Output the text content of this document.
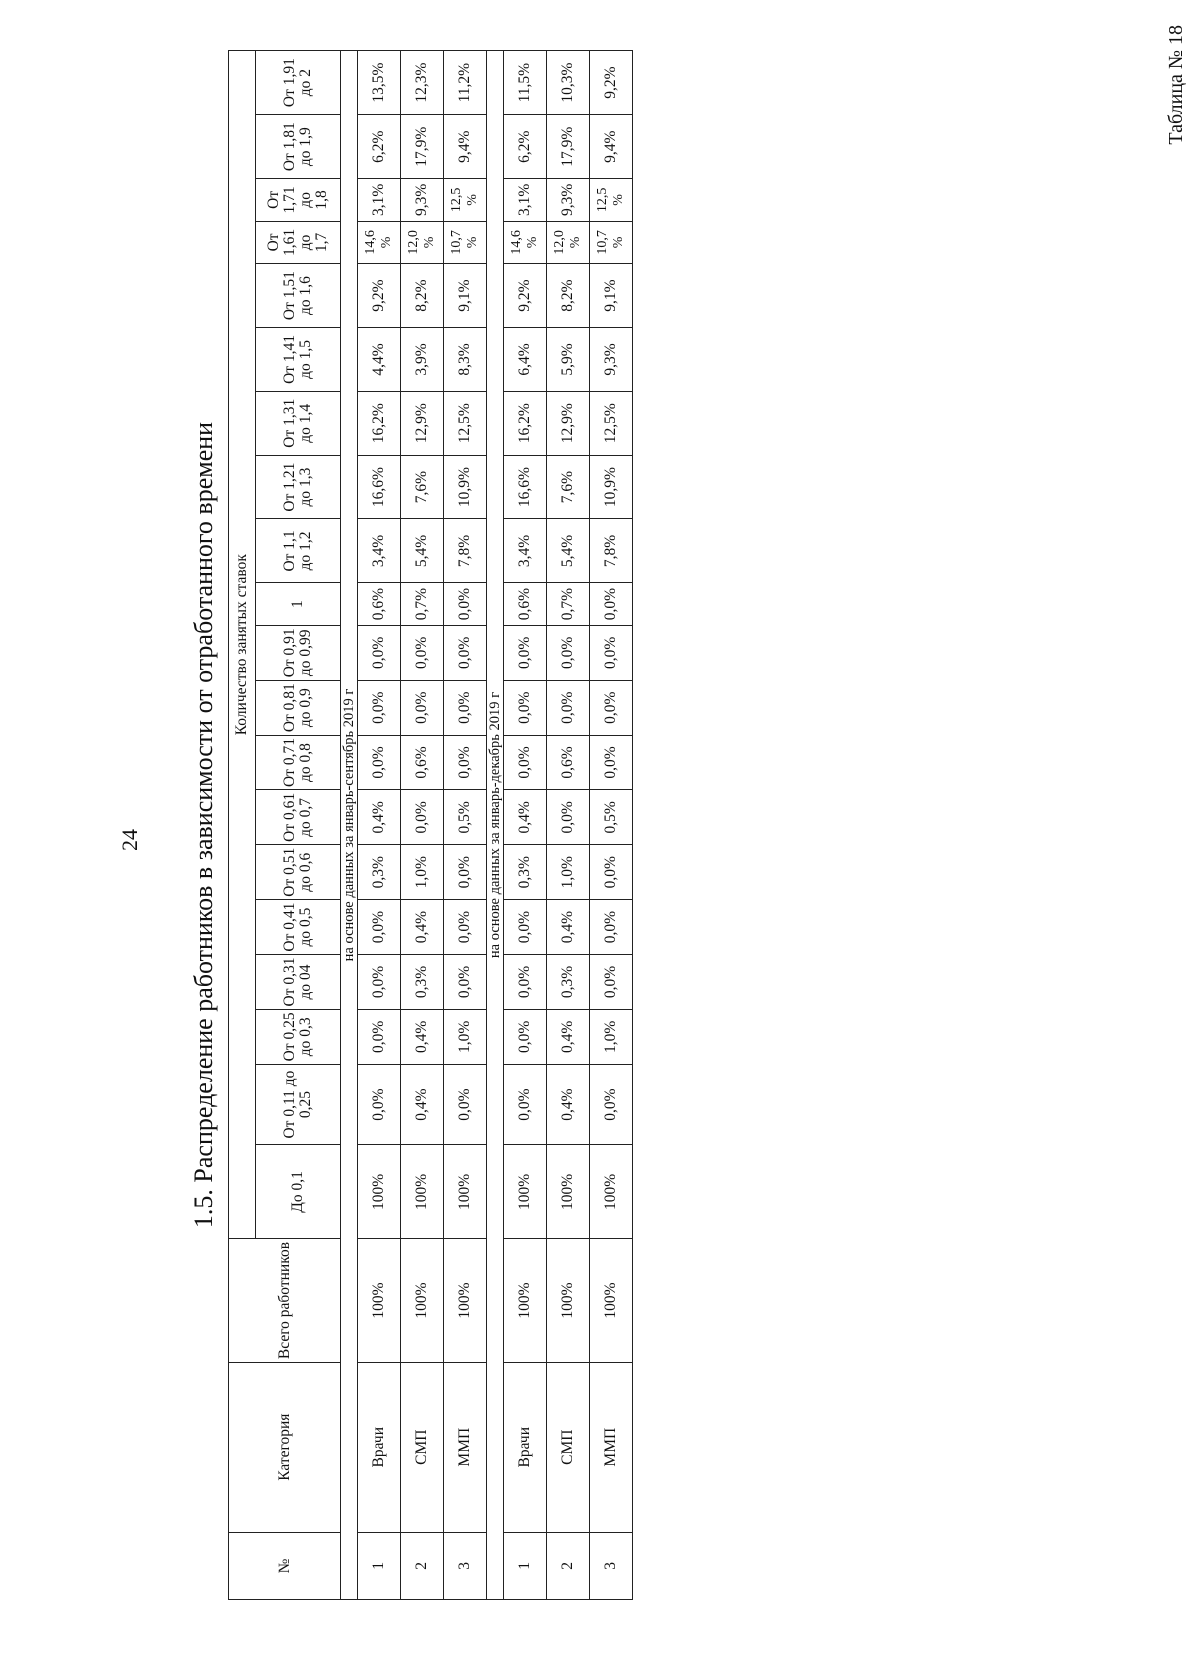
24
Таблица № 18
1.5. Распределение работников в зависимости от отработанного времени
№	Категория	Всего работников	Количество занятых ставок																			
			До 0,1	От 0,11 до 0,25	От 0,25 до 0,3	От 0,31 до 04	От 0,41 до 0,5	От 0,51 до 0,6	От 0,61 до 0,7	От 0,71 до 0,8	От 0,81 до 0,9	От 0,91 до 0,99	1	От 1,1 до 1,2	От 1,21 до 1,3	От 1,31 до 1,4	От 1,41 до 1,5	От 1,51 до 1,6	От 1,61 до 1,7	От 1,71 до 1,8	От 1,81 до 1,9	От 1,91 до 2
на основе данных за январь-сентябрь 2019 г																						
1	Врачи	100%	100%	0,0%	0,0%	0,0%	0,0%	0,3%	0,4%	0,0%	0,0%	0,0%	0,6%	3,4%	16,6%	16,2%	4,4%	9,2%	14,6 %	3,1%	6,2%	13,5%
2	СМП	100%	100%	0,4%	0,4%	0,3%	0,4%	1,0%	0,0%	0,6%	0,0%	0,0%	0,7%	5,4%	7,6%	12,9%	3,9%	8,2%	12,0 %	9,3%	17,9%	12,3%
3	ММП	100%	100%	0,0%	1,0%	0,0%	0,0%	0,0%	0,5%	0,0%	0,0%	0,0%	0,0%	7,8%	10,9%	12,5%	8,3%	9,1%	10,7 %	12,5 %	9,4%	11,2%
на основе данных за январь-декабрь 2019 г																						
1	Врачи	100%	100%	0,0%	0,0%	0,0%	0,0%	0,3%	0,4%	0,0%	0,0%	0,0%	0,6%	3,4%	16,6%	16,2%	6,4%	9,2%	14,6 %	3,1%	6,2%	11,5%
2	СМП	100%	100%	0,4%	0,4%	0,3%	0,4%	1,0%	0,0%	0,6%	0,0%	0,0%	0,7%	5,4%	7,6%	12,9%	5,9%	8,2%	12,0 %	9,3%	17,9%	10,3%
3	ММП	100%	100%	0,0%	1,0%	0,0%	0,0%	0,0%	0,5%	0,0%	0,0%	0,0%	0,0%	7,8%	10,9%	12,5%	9,3%	9,1%	10,7 %	12,5 %	9,4%	9,2%
